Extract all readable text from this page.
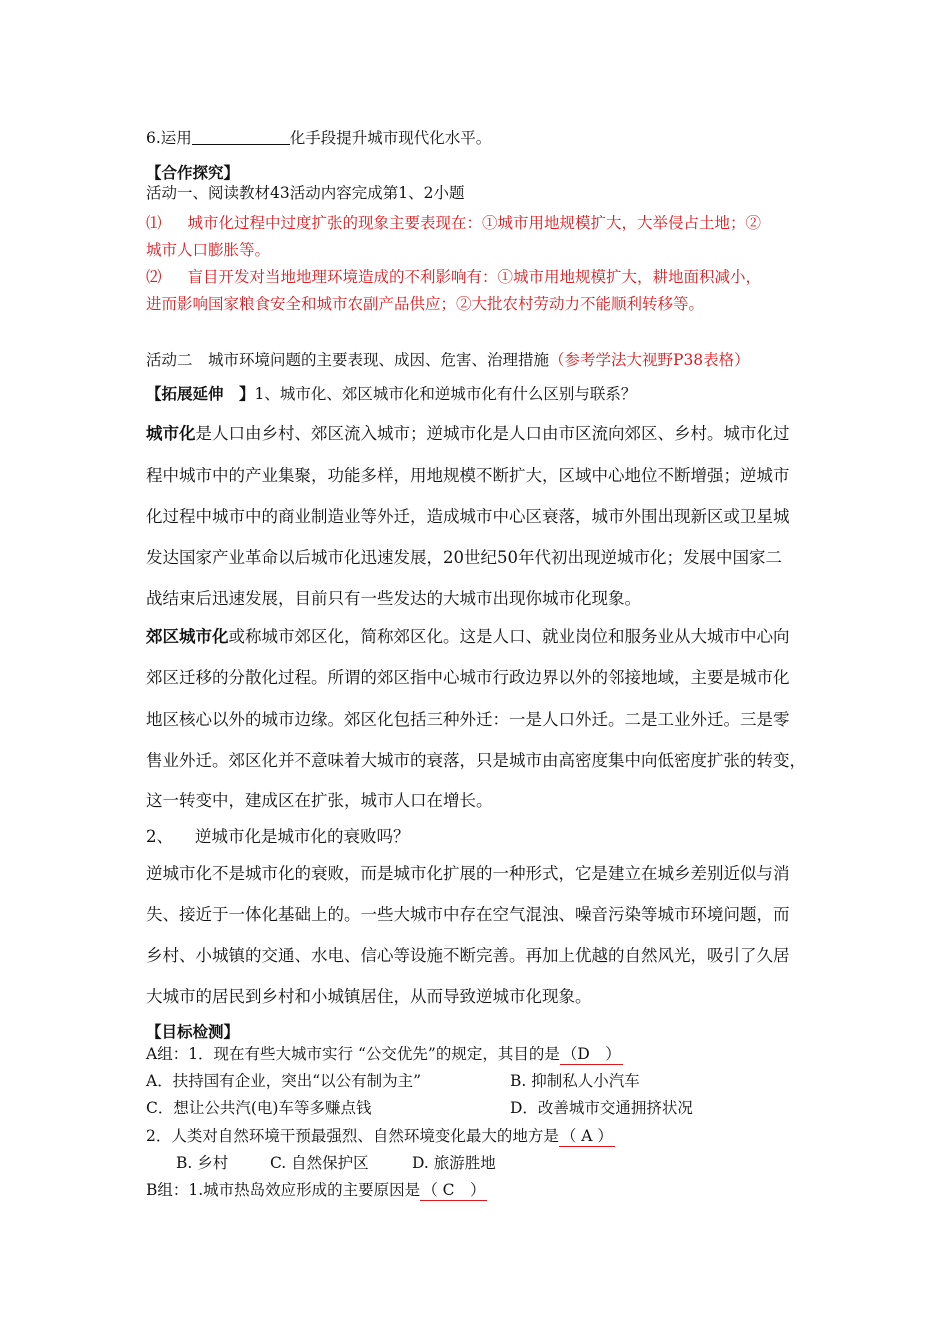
6.运用	化手段提升城市现代化水平。
【合作探究】
活动一、阅读教材43活动内容完成第1、2小题
⑴ 城市化过程中过度扩张的现象主要表现在：①城市用地规模扩大，大举侵占土地；②
城市人口膨胀等。
⑵ 盲目开发对当地地理环境造成的不利影响有：①城市用地规模扩大，耕地面积减小，
进而影响国家粮食安全和城市农副产品供应；②大批农村劳动力不能顺利转移等。
活动二　城市环境问题的主要表现、成因、危害、治理措施（参考学法大视野P38表格）
【拓展延伸　】1、城市化、郊区城市化和逆城市化有什么区别与联系？
城市化是人口由乡村、郊区流入城市；逆城市化是人口由市区流向郊区、乡村。城市化过
程中城市中的产业集聚，功能多样，用地规模不断扩大，区域中心地位不断增强；逆城市
化过程中城市中的商业制造业等外迁，造成城市中心区衰落，城市外围出现新区或卫星城
发达国家产业革命以后城市化迅速发展，20世纪50年代初出现逆城市化；发展中国家二
战结束后迅速发展，目前只有一些发达的大城市出现你城市化现象。
郊区城市化或称城市郊区化，简称郊区化。这是人口、就业岗位和服务业从大城市中心向
郊区迁移的分散化过程。所谓的郊区指中心城市行政边界以外的邻接地域，主要是城市化
地区核心以外的城市边缘。郊区化包括三种外迁：一是人口外迁。二是工业外迁。三是零
售业外迁。郊区化并不意味着大城市的衰落，只是城市由高密度集中向低密度扩张的转变，
这一转变中，建成区在扩张，城市人口在增长。
2、 逆城市化是城市化的衰败吗？
逆城市化不是城市化的衰败，而是城市化扩展的一种形式，它是建立在城乡差别近似与消
失、接近于一体化基础上的。一些大城市中存在空气混浊、噪音污染等城市环境问题，而
乡村、小城镇的交通、水电、信心等设施不断完善。再加上优越的自然风光，吸引了久居
大城市的居民到乡村和小城镇居住，从而导致逆城市化现象。
【目标检测】
A组：1．现在有些大城市实行 “公交优先”的规定，其目的是 （D　）
A．扶持国有企业，突出“以公有制为主”	B. 抑制私人小汽车
C．想让公共汽(电)车等多赚点钱	D．改善城市交通拥挤状况
2．人类对自然环境干预最强烈、自然环境变化最大的地方是 （ A ）
B. 乡村	C. 自然保护区	D. 旅游胜地
B组：1.城市热岛效应形成的主要原因是 （ C　）
